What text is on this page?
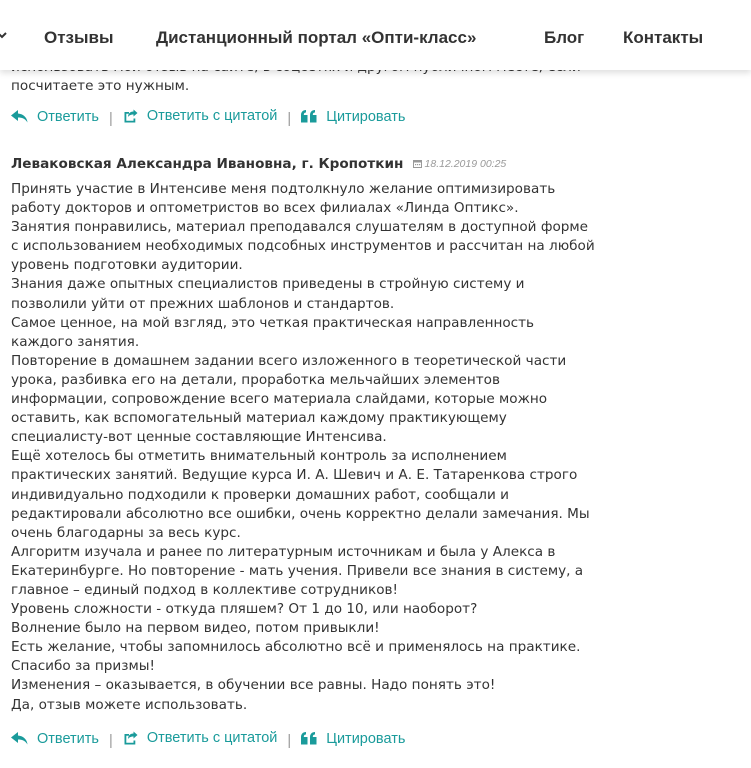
Отзывы	Дистанционный портал «Опти-класс»	Блог Контакты

посчитаете это нужным.

Ответить | Ответить с цитатой | Цитировать
Леваковская Александра Ивановна, г. Кропоткин 18.12.2019 00:25

Принять участие в Интенсиве меня подтолкнуло желание оптимизировать
работу докторов и оптометристов во всех филиалах «Линда Оптикс».
Занятия понравились, материал преподавался слушателям в доступной форме
с использованием необходимых подсобных инструментов и рассчитан на любой
уровень подготовки аудитории.
Знания даже опытных специалистов приведены в стройную систему и
позволили уйти от прежних шаблонов и стандартов.
Самое ценное, на мой взгляд, это четкая практическая направленность
каждого занятия.
Повторение в домашнем задании всего изложенного в теоретической части
урока, разбивка его на детали, проработка мельчайших элементов
информации, сопровождение всего материала слайдами, которые можно
оставить, как вспомогательный материал каждому практикующему
специалисту-вот ценные составляющие Интенсива.
Ещё хотелось бы отметить внимательный контроль за исполнением
практических занятий. Ведущие курса И. А. Шевич и А. Е. Татаренкова строго
индивидуально подходили к проверки домашних работ, сообщали и
редактировали абсолютно все ошибки, очень корректно делали замечания. Мы
очень благодарны за весь курс.
Алгоритм изучала и ранее по литературным источникам и была у Алекса в
Екатеринбурге. Но повторение - мать учения. Привели все знания в систему, а
главное – единый подход в коллективе сотрудников!
Уровень сложности - откуда пляшем? От 1 до 10, или наоборот?
Волнение было на первом видео, потом привыкли!
Есть желание, чтобы запомнилось абсолютно всё и применялось на практике.
Спасибо за призмы!
Изменения – оказывается, в обучении все равны. Надо понять это!
Да, отзыв можете использовать.

Ответить | Ответить с цитатой | Цитировать
